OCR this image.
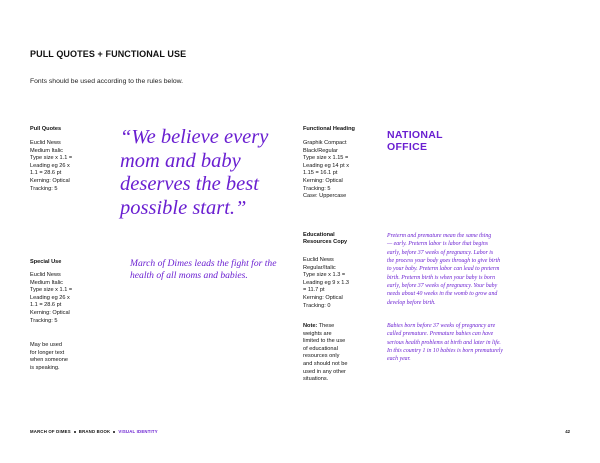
PULL QUOTES + FUNCTIONAL USE
Fonts should be used according to the rules below.
Pull Quotes
Euclid News
Medium Italic
Type size x 1.1 =
Leading eg 26 x
1.1 = 28.6 pt
Kerning: Optical
Tracking: 5
“We believe every mom and baby deserves the best possible start.”
Special Use
Euclid News
Medium Italic
Type size x 1.1 =
Leading eg 26 x
1.1 = 28.6 pt
Kerning: Optical
Tracking: 5
May be used
for longer text
when someone
is speaking.
March of Dimes leads the fight for the health of all moms and babies.
Functional Heading
Graphik Compact
Black/Regular
Type size x 1.15 =
Leading eg 14 pt x
1.15 = 16.1 pt
Kerning: Optical
Tracking: 5
Case: Uppercase
NATIONAL
OFFICE
Educational
Resources Copy
Euclid News
Regular/Italic
Type size x 1.3 =
Leading eg 9 x 1.3
= 11.7 pt
Kerning: Optical
Tracking: 0
Note: These
weights are
limited to the use
of educational
resources only
and should not be
used in any other
situations.
Preterm and premature mean the same thing
— early. Preterm labor is labor that begins
early, before 37 weeks of pregnancy. Labor is
the process your body goes through to give birth
to your baby. Preterm labor can lead to preterm
birth. Preterm birth is when your baby is born
early, before 37 weeks of pregnancy. Your baby
needs about 40 weeks in the womb to grow and
develop before birth.
Babies born before 37 weeks of pregnancy are
called premature. Premature babies can have
serious health problems at birth and later in life.
In this country 1 in 10 babies is born prematurely
each year.
MARCH OF DIMES BRAND BOOK VISUAL IDENTITY	42
